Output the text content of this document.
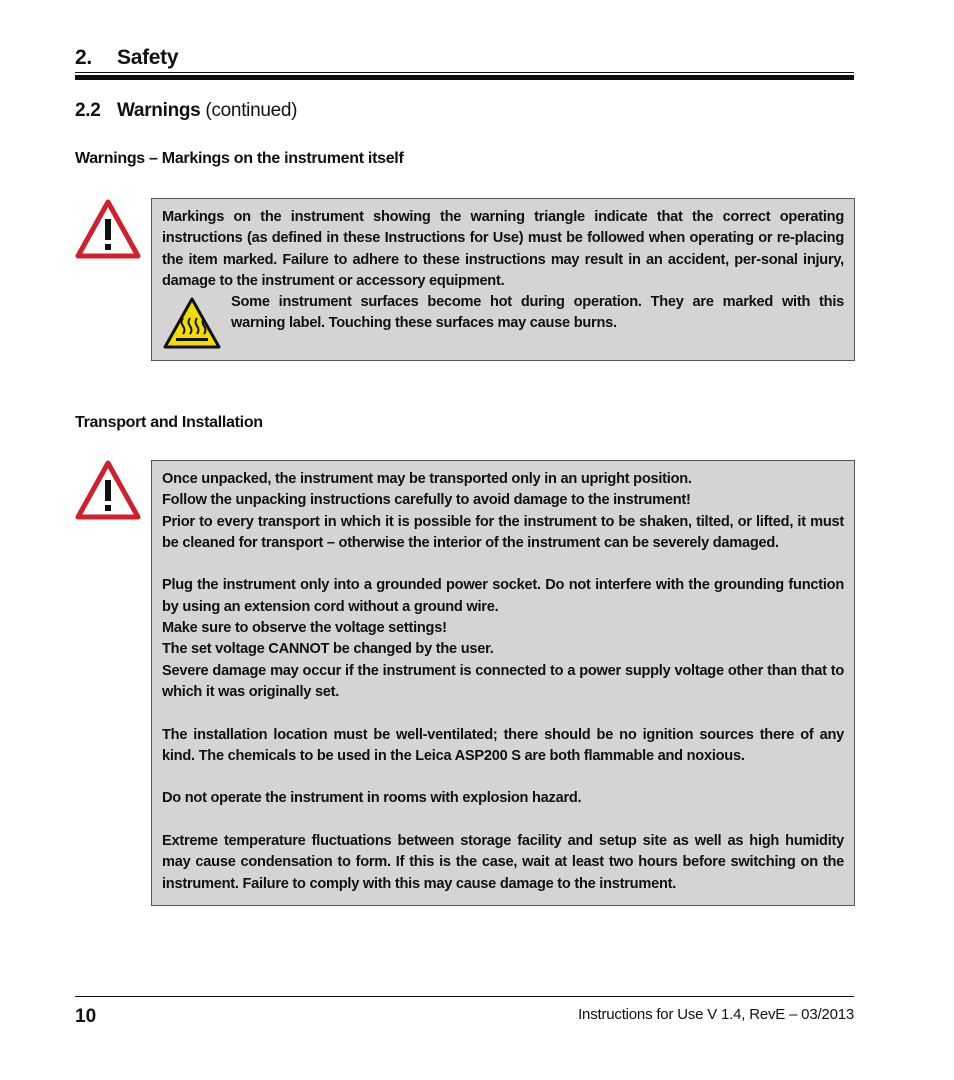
2. Safety
2.2 Warnings (continued)
Warnings – Markings on the instrument itself

Markings on the instrument showing the warning triangle indicate that the correct operating instructions (as defined in these Instructions for Use) must be followed when operating or re-placing the item marked. Failure to adhere to these instructions may result in an accident, per-sonal injury, damage to the instrument or accessory equipment.

Some instrument surfaces become hot during operation. They are marked with this warning label. Touching these surfaces may cause burns.

Transport and Installation

Once unpacked, the instrument may be transported only in an upright position.

Follow the unpacking instructions carefully to avoid damage to the instrument!

Prior to every transport in which it is possible for the instrument to be shaken, tilted, or lifted, it must be cleaned for transport – otherwise the interior of the instrument can be severely damaged.

Plug the instrument only into a grounded power socket. Do not interfere with the grounding function by using an extension cord without a ground wire.

Make sure to observe the voltage settings!

The set voltage CANNOT be changed by the user.

Severe damage may occur if the instrument is connected to a power supply voltage other than that to which it was originally set.

The installation location must be well-ventilated; there should be no ignition sources there of any kind. The chemicals to be used in the Leica ASP200 S are both flammable and noxious.

Do not operate the instrument in rooms with explosion hazard.

Extreme temperature fluctuations between storage facility and setup site as well as high humidity may cause condensation to form. If this is the case, wait at least two hours before switching on the instrument. Failure to comply with this may cause damage to the instrument.

10	Instructions for Use V 1.4, RevE – 03/2013
